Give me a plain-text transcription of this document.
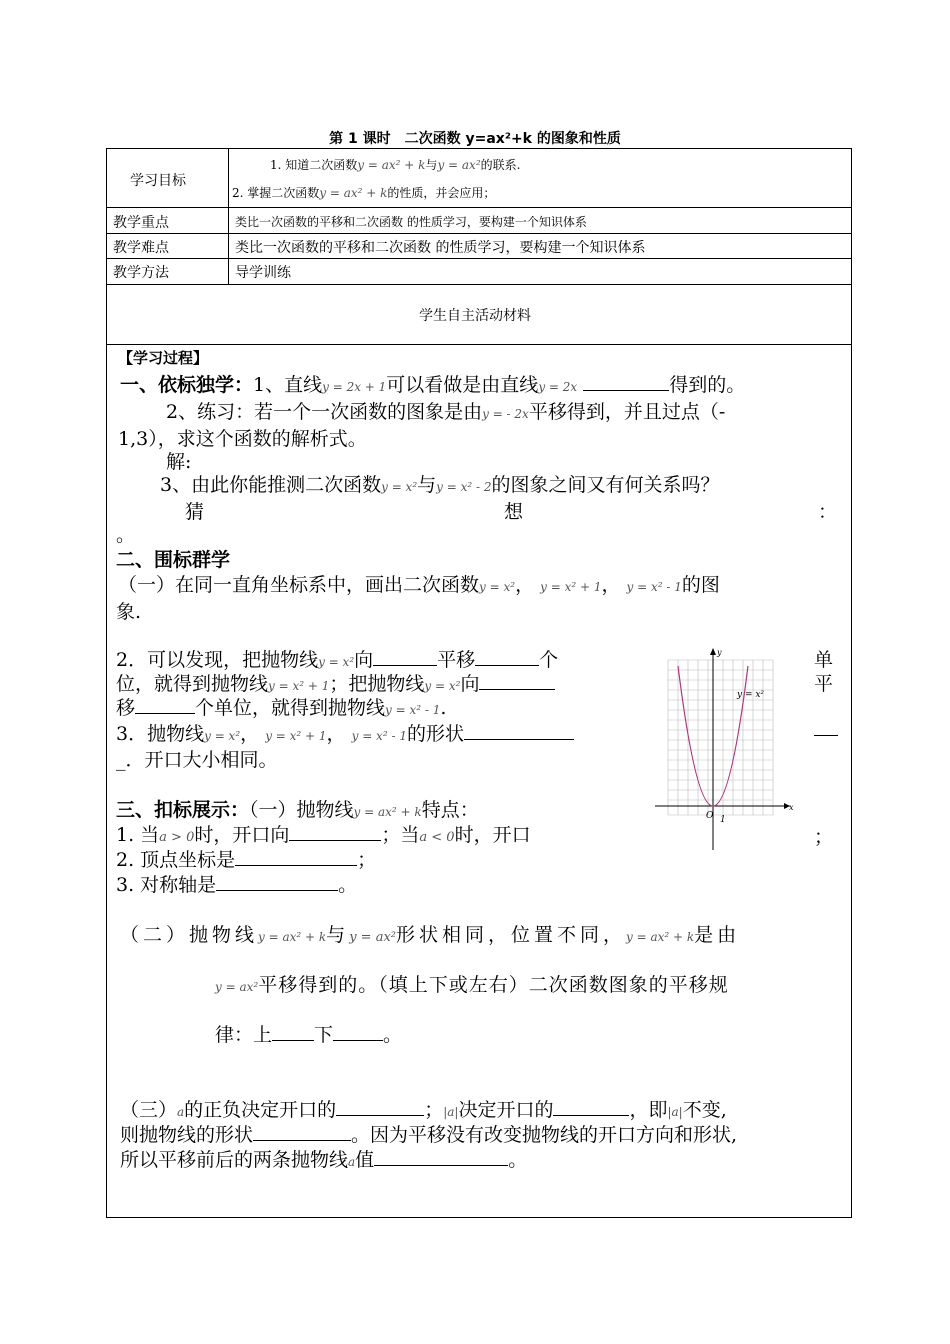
第 1 课时　二次函数 y=ax²+k 的图象和性质
学习目标
1. 知道二次函数y = ax² + k与y = ax²的联系.
2. 掌握二次函数y = ax² + k的性质，并会应用；
教学重点	类比一次函数的平移和二次函数 的性质学习，要构建一个知识体系
教学难点	类比一次函数的平移和二次函数 的性质学习，要构建一个知识体系
教学方法	导学训练
学生自主活动材料
【学习过程】
一、依标独学：1、直线y = 2x + 1可以看做是由直线y = 2x	得到的。
2、练习：若一个一次函数的图象是由y = - 2x平移得到，并且过点（-
1,3），求这个函数的解析式。
解:
3、由此你能推测二次函数y = x²与y = x² - 2的图象之间又有何关系吗？
猜	想	：
。
二、围标群学
（一）在同一直角坐标系中，画出二次函数y = x²， y = x² + 1， y = x² - 1的图
象.
2．可以发现，把抛物线y = x²向	平移	个	单
位，就得到抛物线y = x² + 1；把抛物线y = x²向	平
移	个单位，就得到抛物线y = x² - 1.
3．抛物线y = x²， y = x² + 1， y = x² - 1的形状
_．开口大小相同。
y = x²
x
y
O 1
三、扣标展示：（一）抛物线y = ax² + k特点：
1. 当a > 0时，开口向	；当a < 0时，开口	；
2. 顶点坐标是	；
3. 对称轴是	。
（二）抛物线y = ax² + k与y = ax²形状相同，位置不同，y = ax² + k是由
y = ax²平移得到的。（填上下或左右）二次函数图象的平移规
律：上 下	。
（三）a的正负决定开口的	；|a|决定开口的	，即|a|不变,
则抛物线的形状	。因为平移没有改变抛物线的开口方向和形状,
所以平移前后的两条抛物线a值	。
